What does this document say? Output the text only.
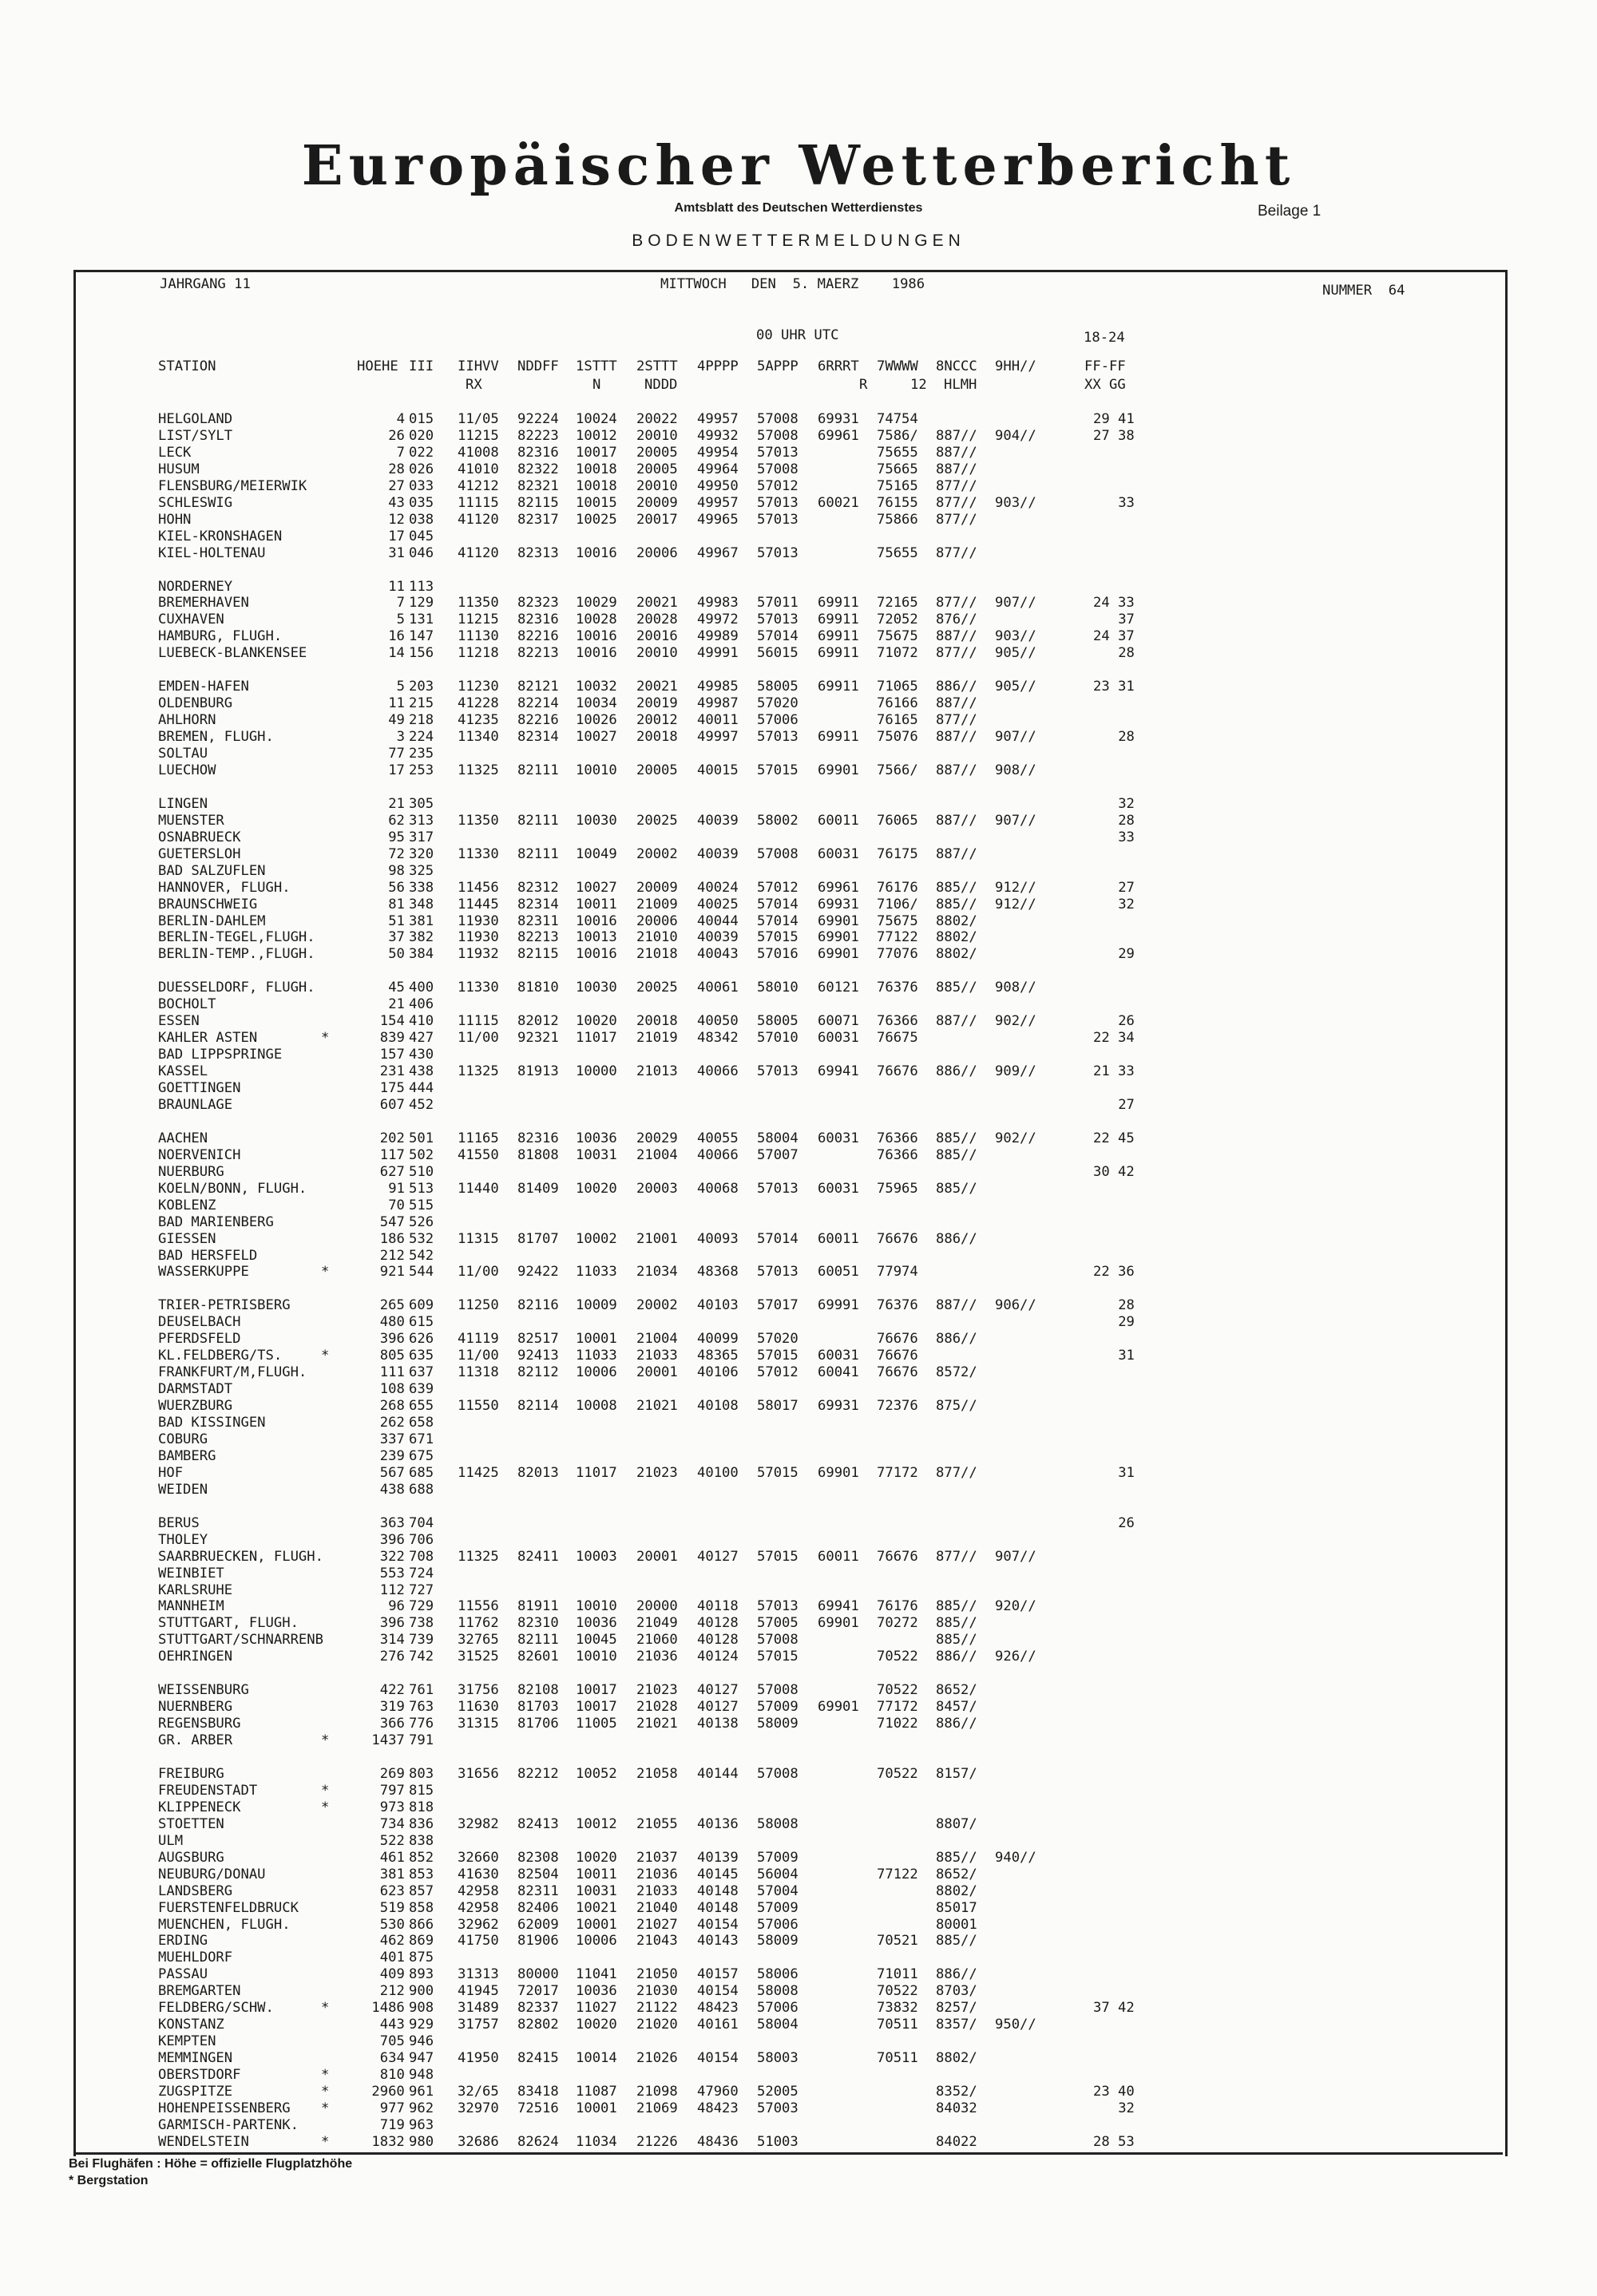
Europäischer Wetterbericht
Amtsblatt des Deutschen Wetterdienstes	Beilage 1
BODENWETTERMELDUNGEN
JAHRGANG 11	MITTWOCH   DEN  5. MAERZ    1986	NUMMER  64
00 UHR UTC	18-24
STATION	HOEHE III IIHVV NDDFF 1STTT 2STTT 4PPPP 5APPP 6RRRT 7WWWW 8NCCC 9HH//	FF-FF
RX	N	NDDD	R	12 HLMH	XX GG
HELGOLAND	4 015 11/05 92224 10024 20022 49957 57008 69931 74754	29 41
LIST/SYLT	26 020 11215 82223 10012 20010 49932 57008 69961 7586/ 887// 904//	27 38
LECK	7 022 41008 82316 10017 20005 49954 57013	75655 887//
HUSUM	28 026 41010 82322 10018 20005 49964 57008	75665 887//
FLENSBURG/MEIERWIK	27 033 41212 82321 10018 20010 49950 57012	75165 877//
SCHLESWIG	43 035 11115 82115 10015 20009 49957 57013 60021 76155 877// 903//	33
HOHN	12 038 41120 82317 10025 20017 49965 57013	75866 877//
KIEL-KRONSHAGEN	17 045
KIEL-HOLTENAU	31 046 41120 82313 10016 20006 49967 57013	75655 877//
NORDERNEY	11 113
BREMERHAVEN	7 129 11350 82323 10029 20021 49983 57011 69911 72165 877// 907//	24 33
CUXHAVEN	5 131 11215 82316 10028 20028 49972 57013 69911 72052 876//	37
HAMBURG, FLUGH.	16 147 11130 82216 10016 20016 49989 57014 69911 75675 887// 903//	24 37
LUEBECK-BLANKENSEE	14 156 11218 82213 10016 20010 49991 56015 69911 71072 877// 905//	28
EMDEN-HAFEN	5 203 11230 82121 10032 20021 49985 58005 69911 71065 886// 905//	23 31
OLDENBURG	11 215 41228 82214 10034 20019 49987 57020	76166 887//
AHLHORN	49 218 41235 82216 10026 20012 40011 57006	76165 877//
BREMEN, FLUGH.	3 224 11340 82314 10027 20018 49997 57013 69911 75076 887// 907//	28
SOLTAU	77 235
LUECHOW	17 253 11325 82111 10010 20005 40015 57015 69901 7566/ 887// 908//
LINGEN	21 305	32
MUENSTER	62 313 11350 82111 10030 20025 40039 58002 60011 76065 887// 907//	28
OSNABRUECK	95 317	33
GUETERSLOH	72 320 11330 82111 10049 20002 40039 57008 60031 76175 887//
BAD SALZUFLEN	98 325
HANNOVER, FLUGH.	56 338 11456 82312 10027 20009 40024 57012 69961 76176 885// 912//	27
BRAUNSCHWEIG	81 348 11445 82314 10011 21009 40025 57014 69931 7106/ 885// 912//	32
BERLIN-DAHLEM	51 381 11930 82311 10016 20006 40044 57014 69901 75675 8802/
BERLIN-TEGEL,FLUGH.	37 382 11930 82213 10013 21010 40039 57015 69901 77122 8802/
BERLIN-TEMP.,FLUGH.	50 384 11932 82115 10016 21018 40043 57016 69901 77076 8802/	29
DUESSELDORF, FLUGH.	45 400 11330 81810 10030 20025 40061 58010 60121 76376 885// 908//
BOCHOLT	21 406
ESSEN	154 410 11115 82012 10020 20018 40050 58005 60071 76366 887// 902//	26
KAHLER ASTEN	*	839 427 11/00 92321 11017 21019 48342 57010 60031 76675	22 34
BAD LIPPSPRINGE	157 430
KASSEL	231 438 11325 81913 10000 21013 40066 57013 69941 76676 886// 909//	21 33
GOETTINGEN	175 444
BRAUNLAGE	607 452	27
AACHEN	202 501 11165 82316 10036 20029 40055 58004 60031 76366 885// 902//	22 45
NOERVENICH	117 502 41550 81808 10031 21004 40066 57007	76366 885//
NUERBURG	627 510	30 42
KOELN/BONN, FLUGH.	91 513 11440 81409 10020 20003 40068 57013 60031 75965 885//
KOBLENZ	70 515
BAD MARIENBERG	547 526
GIESSEN	186 532 11315 81707 10002 21001 40093 57014 60011 76676 886//
BAD HERSFELD	212 542
WASSERKUPPE	*	921 544 11/00 92422 11033 21034 48368 57013 60051 77974	22 36
TRIER-PETRISBERG	265 609 11250 82116 10009 20002 40103 57017 69991 76376 887// 906//	28
DEUSELBACH	480 615	29
PFERDSFELD	396 626 41119 82517 10001 21004 40099 57020	76676 886//
KL.FELDBERG/TS.	*	805 635 11/00 92413 11033 21033 48365 57015 60031 76676	31
FRANKFURT/M,FLUGH.	111 637 11318 82112 10006 20001 40106 57012 60041 76676 8572/
DARMSTADT	108 639
WUERZBURG	268 655 11550 82114 10008 21021 40108 58017 69931 72376 875//
BAD KISSINGEN	262 658
COBURG	337 671
BAMBERG	239 675
HOF	567 685 11425 82013 11017 21023 40100 57015 69901 77172 877//	31
WEIDEN	438 688
BERUS	363 704	26
THOLEY	396 706
SAARBRUECKEN, FLUGH.	322 708 11325 82411 10003 20001 40127 57015 60011 76676 877// 907//
WEINBIET	553 724
KARLSRUHE	112 727
MANNHEIM	96 729 11556 81911 10010 20000 40118 57013 69941 76176 885// 920//
STUTTGART, FLUGH.	396 738 11762 82310 10036 21049 40128 57005 69901 70272 885//
STUTTGART/SCHNARRENB	314 739 32765 82111 10045 21060 40128 57008	885//
OEHRINGEN	276 742 31525 82601 10010 21036 40124 57015	70522 886// 926//
WEISSENBURG	422 761 31756 82108 10017 21023 40127 57008	70522 8652/
NUERNBERG	319 763 11630 81703 10017 21028 40127 57009 69901 77172 8457/
REGENSBURG	366 776 31315 81706 11005 21021 40138 58009	71022 886//
GR. ARBER	*	1437 791
FREIBURG	269 803 31656 82212 10052 21058 40144 57008	70522 8157/
FREUDENSTADT	*	797 815
KLIPPENECK	*	973 818
STOETTEN	734 836 32982 82413 10012 21055 40136 58008	8807/
ULM	522 838
AUGSBURG	461 852 32660 82308 10020 21037 40139 57009	885// 940//
NEUBURG/DONAU	381 853 41630 82504 10011 21036 40145 56004	77122 8652/
LANDSBERG	623 857 42958 82311 10031 21033 40148 57004	8802/
FUERSTENFELDBRUCK	519 858 42958 82406 10021 21040 40148 57009	85017
MUENCHEN, FLUGH.	530 866 32962 62009 10001 21027 40154 57006	80001
ERDING	462 869 41750 81906 10006 21043 40143 58009	70521 885//
MUEHLDORF	401 875
PASSAU	409 893 31313 80000 11041 21050 40157 58006	71011 886//
BREMGARTEN	212 900 41945 72017 10036 21030 40154 58008	70522 8703/
FELDBERG/SCHW.	*	1486 908 31489 82337 11027 21122 48423 57006	73832 8257/	37 42
KONSTANZ	443 929 31757 82802 10020 21020 40161 58004	70511 8357/ 950//
KEMPTEN	705 946
MEMMINGEN	634 947 41950 82415 10014 21026 40154 58003	70511 8802/
OBERSTDORF	*	810 948
ZUGSPITZE	*	2960 961 32/65 83418 11087 21098 47960 52005	8352/	23 40
HOHENPEISSENBERG *	977 962 32970 72516 10001 21069 48423 57003	84032	32
GARMISCH-PARTENK.	719 963
WENDELSTEIN	*	1832 980 32686 82624 11034 21226 48436 51003	84022	28 53
Bei Flughäfen : Höhe = offizielle Flugplatzhöhe
* Bergstation
